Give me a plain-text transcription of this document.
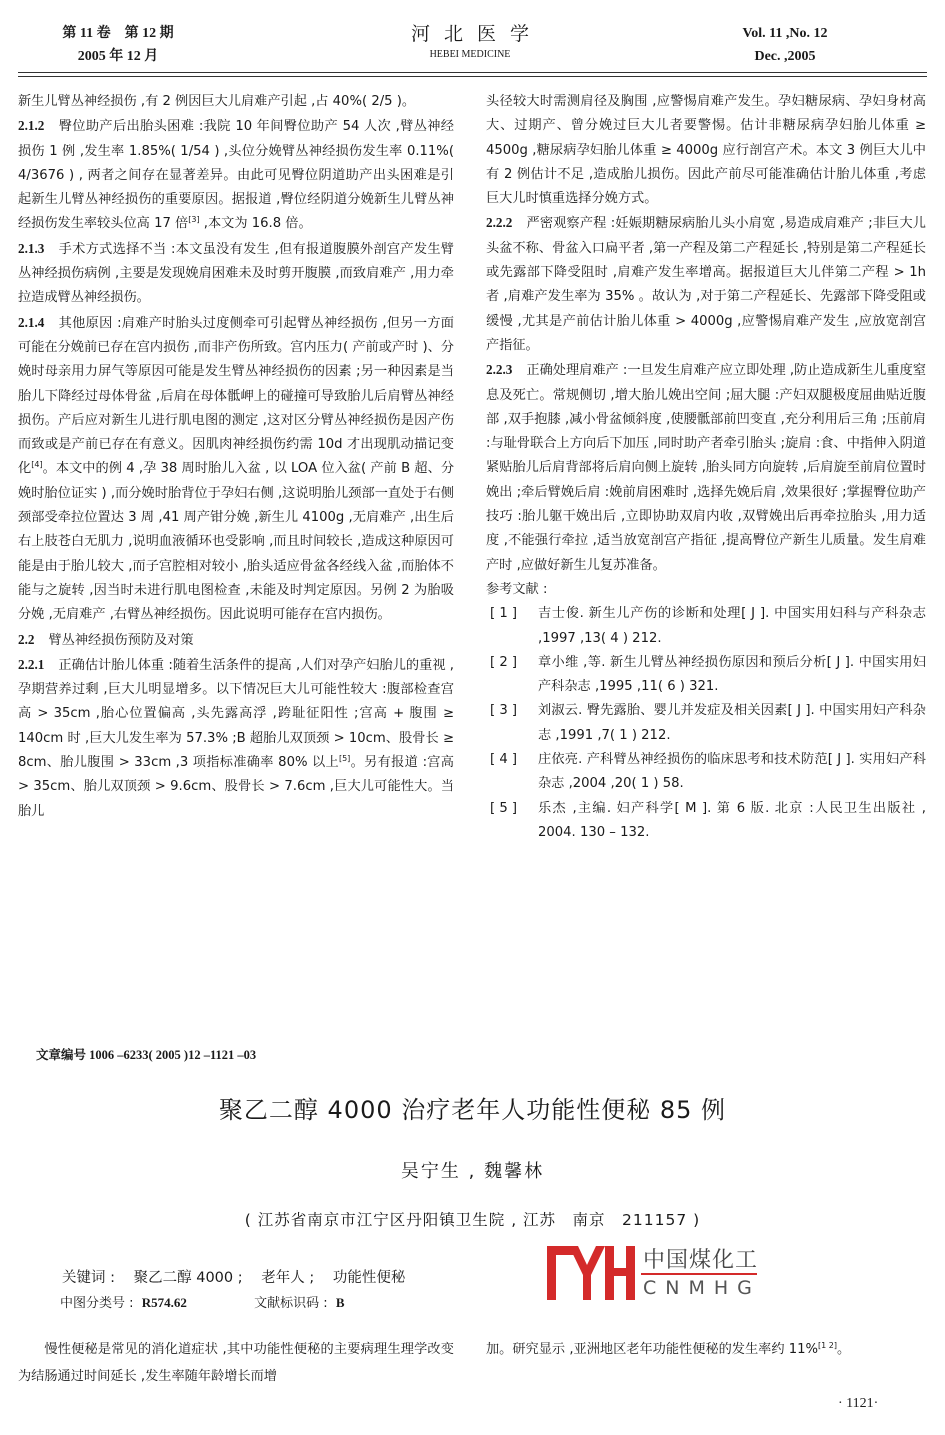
第 11 卷　第 12 期
2005 年 12 月
河北医学
HEBEI MEDICINE
Vol. 11 ,No. 12
Dec. ,2005

新生儿臂丛神经损伤 ,有 2 例因巨大儿肩难产引起 ,占 40%( 2/5 )。

2.1.2 臀位助产后出胎头困难 :我院 10 年间臀位助产 54 人次 ,臂丛神经损伤 1 例 ,发生率 1.85%( 1/54 ) ,头位分娩臂丛神经损伤发生率 0.11%( 4/3676 ) , 两者之间存在显著差异。由此可见臀位阴道助产出头困难是引起新生儿臂丛神经损伤的重要原因。据报道 ,臀位经阴道分娩新生儿臂丛神经损伤发生率较头位高 17 倍[3] ,本文为 16.8 倍。

2.1.3 手术方式选择不当 :本文虽没有发生 ,但有报道腹膜外剖宫产发生臂丛神经损伤病例 ,主要是发现娩肩困难未及时剪开腹膜 ,而致肩难产 ,用力牵拉造成臂丛神经损伤。

2.1.4 其他原因 :肩难产时胎头过度侧牵可引起臂丛神经损伤 ,但另一方面可能在分娩前已存在宫内损伤 ,而非产伤所致。宫内压力( 产前或产时 )、分娩时母亲用力屏气等原因可能是发生臂丛神经损伤的因素 ;另一种因素是当胎儿下降经过母体骨盆 ,后肩在母体骶岬上的碰撞可导致胎儿后肩臂丛神经损伤。产后应对新生儿进行肌电图的测定 ,这对区分臂丛神经损伤是因产伤而致或是产前已存在有意义。因肌肉神经损伤约需 10d 才出现肌动描记变化[4]。本文中的例 4 ,孕 38 周时胎儿入盆 , 以 LOA 位入盆( 产前 B 超、分娩时胎位证实 ) ,而分娩时胎背位于孕妇右侧 ,这说明胎儿颈部一直处于右侧颈部受牵拉位置达 3 周 ,41 周产钳分娩 ,新生儿 4100g ,无肩难产 ,出生后右上肢苍白无肌力 ,说明血液循环也受影响 ,而且时间较长 ,造成这种原因可能是由于胎儿较大 ,而子宫腔相对较小 ,胎头适应骨盆各经线入盆 ,而胎体不能与之旋转 ,因当时未进行肌电图检查 ,未能及时判定原因。另例 2 为胎吸分娩 ,无肩难产 ,右臂丛神经损伤。因此说明可能存在宫内损伤。

2.2 臂丛神经损伤预防及对策

2.2.1 正确估计胎儿体重 :随着生活条件的提高 ,人们对孕产妇胎儿的重视 ,孕期营养过剩 ,巨大儿明显增多。以下情况巨大儿可能性较大 :腹部检查宫高 > 35cm ,胎心位置偏高 ,头先露高浮 ,跨耻征阳性 ;宫高 + 腹围 ≥ 140cm 时 ,巨大儿发生率为 57.3% ;B 超胎儿双顶颈 > 10cm、股骨长 ≥ 8cm、胎儿腹围 > 33cm ,3 项指标准确率 80% 以上[5]。另有报道 :宫高 > 35cm、胎儿双顶颈 > 9.6cm、股骨长 > 7.6cm ,巨大儿可能性大。当胎儿

头径较大时需测肩径及胸围 ,应警惕肩难产发生。孕妇糖尿病、孕妇身材高大、过期产、曾分娩过巨大儿者要警惕。估计非糖尿病孕妇胎儿体重 ≥ 4500g ,糖尿病孕妇胎儿体重 ≥ 4000g 应行剖宫产术。本文 3 例巨大儿中有 2 例估计不足 ,造成胎儿损伤。因此产前尽可能准确估计胎儿体重 ,考虑巨大儿时慎重选择分娩方式。

2.2.2 严密观察产程 :妊娠期糖尿病胎儿头小肩宽 ,易造成肩难产 ;非巨大儿头盆不称、骨盆入口扁平者 ,第一产程及第二产程延长 ,特别是第二产程延长或先露部下降受阻时 ,肩难产发生率增高。据报道巨大儿伴第二产程 > 1h 者 ,肩难产发生率为 35% 。故认为 ,对于第二产程延长、先露部下降受阻或缓慢 ,尤其是产前估计胎儿体重 > 4000g ,应警惕肩难产发生 ,应放宽剖宫产指征。

2.2.3 正确处理肩难产 :一旦发生肩难产应立即处理 ,防止造成新生儿重度窒息及死亡。常规侧切 ,增大胎儿娩出空间 ;屈大腿 :产妇双腿极度屈曲贴近腹部 ,双手抱膝 ,减小骨盆倾斜度 ,使腰骶部前凹变直 ,充分利用后三角 ;压前肩 :与耻骨联合上方向后下加压 ,同时助产者牵引胎头 ;旋肩 :食、中指伸入阴道紧贴胎儿后肩背部将后肩向侧上旋转 ,胎头同方向旋转 ,后肩旋至前肩位置时娩出 ;牵后臂娩后肩 :娩前肩困难时 ,选择先娩后肩 ,效果很好 ;掌握臀位助产技巧 :胎儿躯干娩出后 ,立即协助双肩内收 ,双臂娩出后再牵拉胎头 ,用力适度 ,不能强行牵拉 ,适当放宽剖宫产指征 ,提高臀位产新生儿质量。发生肩难产时 ,应做好新生儿复苏准备。

参考文献 :

[ 1 ]	吉士俊. 新生儿产伤的诊断和处理[ J ]. 中国实用妇科与产科杂志 ,1997 ,13( 4 ) 212.
[ 2 ]	章小维 ,等. 新生儿臂丛神经损伤原因和预后分析[ J ]. 中国实用妇产科杂志 ,1995 ,11( 6 ) 321.
[ 3 ]	刘淑云. 臀先露胎、婴儿并发症及相关因素[ J ]. 中国实用妇产科杂志 ,1991 ,7( 1 ) 212.
[ 4 ]	庄依亮. 产科臂丛神经损伤的临床思考和技术防范[ J ]. 实用妇产科杂志 ,2004 ,20( 1 ) 58.
[ 5 ]	乐杰 ,主编. 妇产科学[ M ]. 第 6 版. 北京 :人民卫生出版社 , 2004. 130 – 132.
文章编号 1006 –6233( 2005 )12 –1121 –03
聚乙二醇 4000 治疗老年人功能性便秘 85 例
吴宁生 , 魏馨林
( 江苏省南京市江宁区丹阳镇卫生院 , 江苏　南京　211157 )
关键词 : 聚乙二醇 4000 ; 老年人 ; 功能性便秘
中图分类号 : R574.62	文献标识码 : B
中国煤化工
CNMHG

慢性便秘是常见的消化道症状 ,其中功能性便秘的主要病理生理学改变为结肠通过时间延长 ,发生率随年龄增长而增

加。研究显示 ,亚洲地区老年功能性便秘的发生率约 11%[1 2]。

· 1121·
